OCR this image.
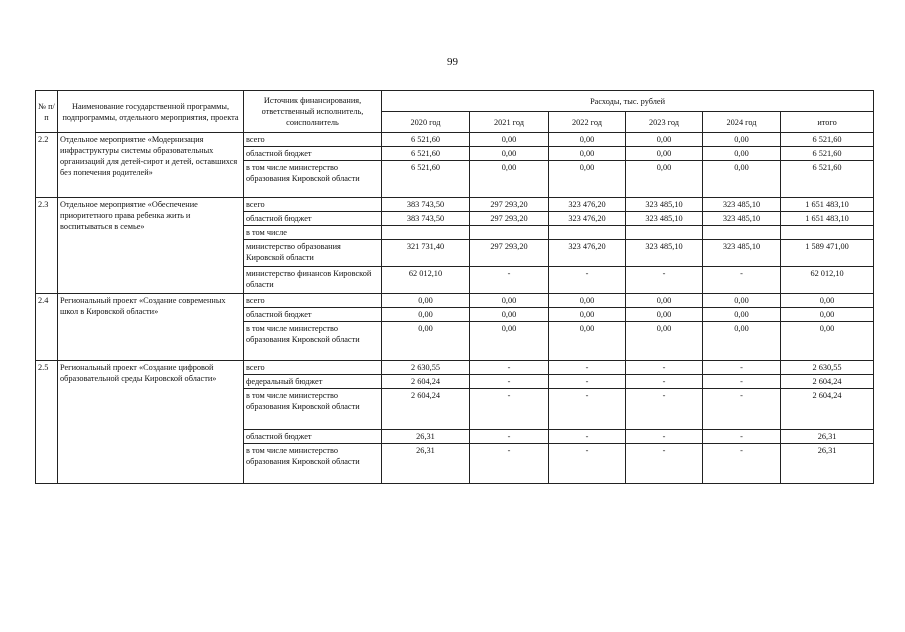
99
№ п/п	Наименование государственной программы, подпрограммы, отдельного мероприятия, проекта	Источник финансирования, ответственный исполнитель, соисполнитель	Расходы, тыс. рублей					
			2020 год	2021 год	2022 год	2023 год	2024 год	итого
2.2	Отдельное мероприятие «Модернизация инфраструктуры системы образовательных организаций для детей-сирот и детей, оставшихся без попечения родителей»	всего	6 521,60	0,00	0,00	0,00	0,00	6 521,60
		областной бюджет	6 521,60	0,00	0,00	0,00	0,00	6 521,60
		в том числе министерство образования Кировской области	6 521,60	0,00	0,00	0,00	0,00	6 521,60
2.3	Отдельное мероприятие «Обеспечение приоритетного права ребенка жить и воспитываться в семье»	всего	383 743,50	297 293,20	323 476,20	323 485,10	323 485,10	1 651 483,10
		областной бюджет	383 743,50	297 293,20	323 476,20	323 485,10	323 485,10	1 651 483,10
		в том числе						
		министерство образования Кировской области	321 731,40	297 293,20	323 476,20	323 485,10	323 485,10	1 589 471,00
		министерство финансов Кировской области	62 012,10	-	-	-	-	62 012,10
2.4	Региональный проект «Создание современных школ в Кировской области»	всего	0,00	0,00	0,00	0,00	0,00	0,00
		областной бюджет	0,00	0,00	0,00	0,00	0,00	0,00
		в том числе министерство образования Кировской области	0,00	0,00	0,00	0,00	0,00	0,00
2.5	Региональный проект «Создание цифровой образовательной среды Кировской области»	всего	2 630,55	-	-	-	-	2 630,55
		федеральный бюджет	2 604,24	-	-	-	-	2 604,24
		в том числе министерство образования Кировской области	2 604,24	-	-	-	-	2 604,24
		областной бюджет	26,31	-	-	-	-	26,31
		в том числе министерство образования Кировской области	26,31	-	-	-	-	26,31
